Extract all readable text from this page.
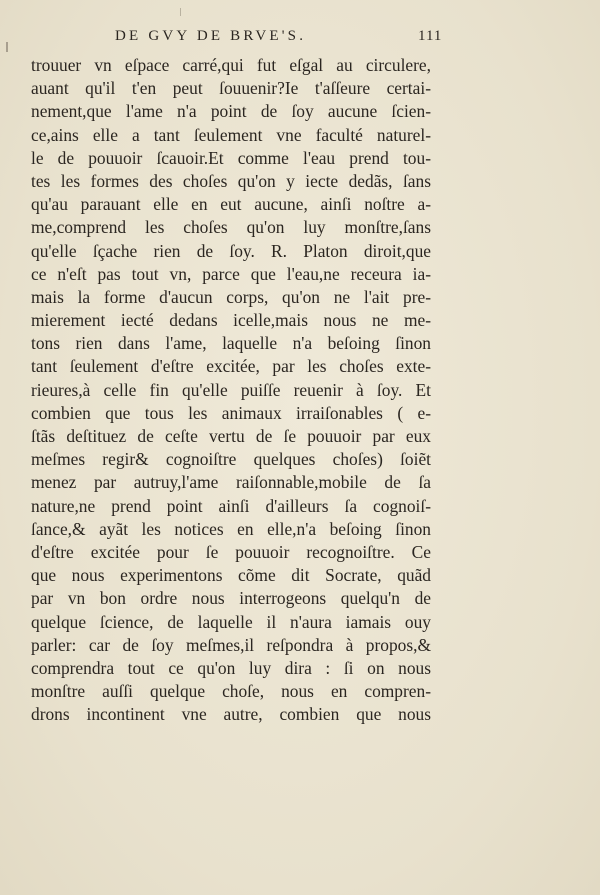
DE GVY DE BRVE'S.	111
trouuer vn eſpace carré,qui fut eſgal au circulere,
auant qu'il t'en peut ſouuenir?Ie t'aſſeure certai-
nement,que l'ame n'a point de ſoy aucune ſcien-
ce,ains elle a tant ſeulement vne faculté naturel-
le de pouuoir ſcauoir.Et comme l'eau prend tou-
tes les formes des choſes qu'on y iecte dedãs, ſans
qu'au parauant elle en eut aucune, ainſi noſtre a-
me,comprend les choſes qu'on luy monſtre,ſans
qu'elle ſçache rien de ſoy. R. Platon diroit,que
ce n'eſt pas tout vn, parce que l'eau,ne receura ia-
mais la forme d'aucun corps, qu'on ne l'ait pre-
mierement iecté dedans icelle,mais nous ne me-
tons rien dans l'ame, laquelle n'a beſoing ſinon
tant ſeulement d'eſtre excitée, par les choſes exte-
rieures,à celle fin qu'elle puiſſe reuenir à ſoy. Et
combien que tous les animaux irraiſonables ( e-
ſtãs deſtituez de ceſte vertu de ſe pouuoir par eux
meſmes regir& cognoiſtre quelques choſes) ſoiẽt
menez par autruy,l'ame raiſonnable,mobile de ſa
nature,ne prend point ainſi d'ailleurs ſa cognoiſ-
ſance,& ayãt les notices en elle,n'a beſoing ſinon
d'eſtre excitée pour ſe pouuoir recognoiſtre. Ce
que nous experimentons cõme dit Socrate, quãd
par vn bon ordre nous interrogeons quelqu'n de
quelque ſcience, de laquelle il n'aura iamais ouy
parler: car de ſoy meſmes,il reſpondra à propos,&
comprendra tout ce qu'on luy dira : ſi on nous
monſtre auſſi quelque choſe, nous en compren-
drons incontinent vne autre, combien que nous
